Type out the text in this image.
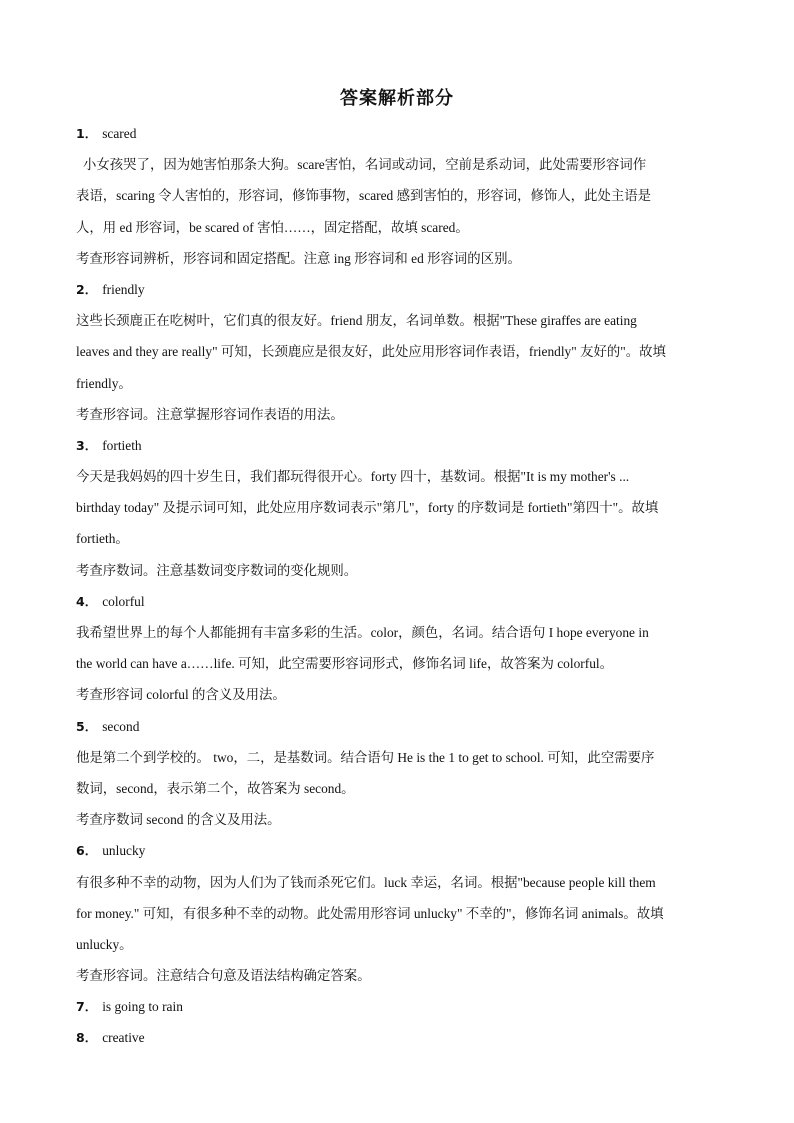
答案解析部分
1． scared
小女孩哭了，因为她害怕那条大狗。scare害怕，名词或动词，空前是系动词，此处需要形容词作
表语，scaring 令人害怕的，形容词，修饰事物，scared 感到害怕的，形容词，修饰人，此处主语是
人，用 ed 形容词，be scared of 害怕……，固定搭配，故填 scared。
考查形容词辨析，形容词和固定搭配。注意 ing 形容词和 ed 形容词的区别。
2． friendly
这些长颈鹿正在吃树叶，它们真的很友好。friend 朋友，名词单数。根据"These giraffes are eating
leaves and they are really" 可知，长颈鹿应是很友好，此处应用形容词作表语，friendly" 友好的"。故填
friendly。
考查形容词。注意掌握形容词作表语的用法。
3． fortieth
今天是我妈妈的四十岁生日，我们都玩得很开心。forty 四十，基数词。根据"It is my mother's ...
birthday today" 及提示词可知，此处应用序数词表示"第几"，forty 的序数词是 fortieth"第四十"。故填
fortieth。
考查序数词。注意基数词变序数词的变化规则。
4． colorful
我希望世界上的每个人都能拥有丰富多彩的生活。color，颜色，名词。结合语句 I hope everyone in
the world can have a……life. 可知，此空需要形容词形式，修饰名词 life，故答案为 colorful。
考查形容词 colorful 的含义及用法。
5． second
他是第二个到学校的。 two，二，是基数词。结合语句 He is the 1 to get to school. 可知，此空需要序
数词，second，表示第二个，故答案为 second。
考查序数词 second 的含义及用法。
6． unlucky
有很多种不幸的动物，因为人们为了钱而杀死它们。luck 幸运，名词。根据"because people kill them
for money." 可知，有很多种不幸的动物。此处需用形容词 unlucky" 不幸的"，修饰名词 animals。故填
unlucky。
考查形容词。注意结合句意及语法结构确定答案。
7． is going to rain
8． creative
